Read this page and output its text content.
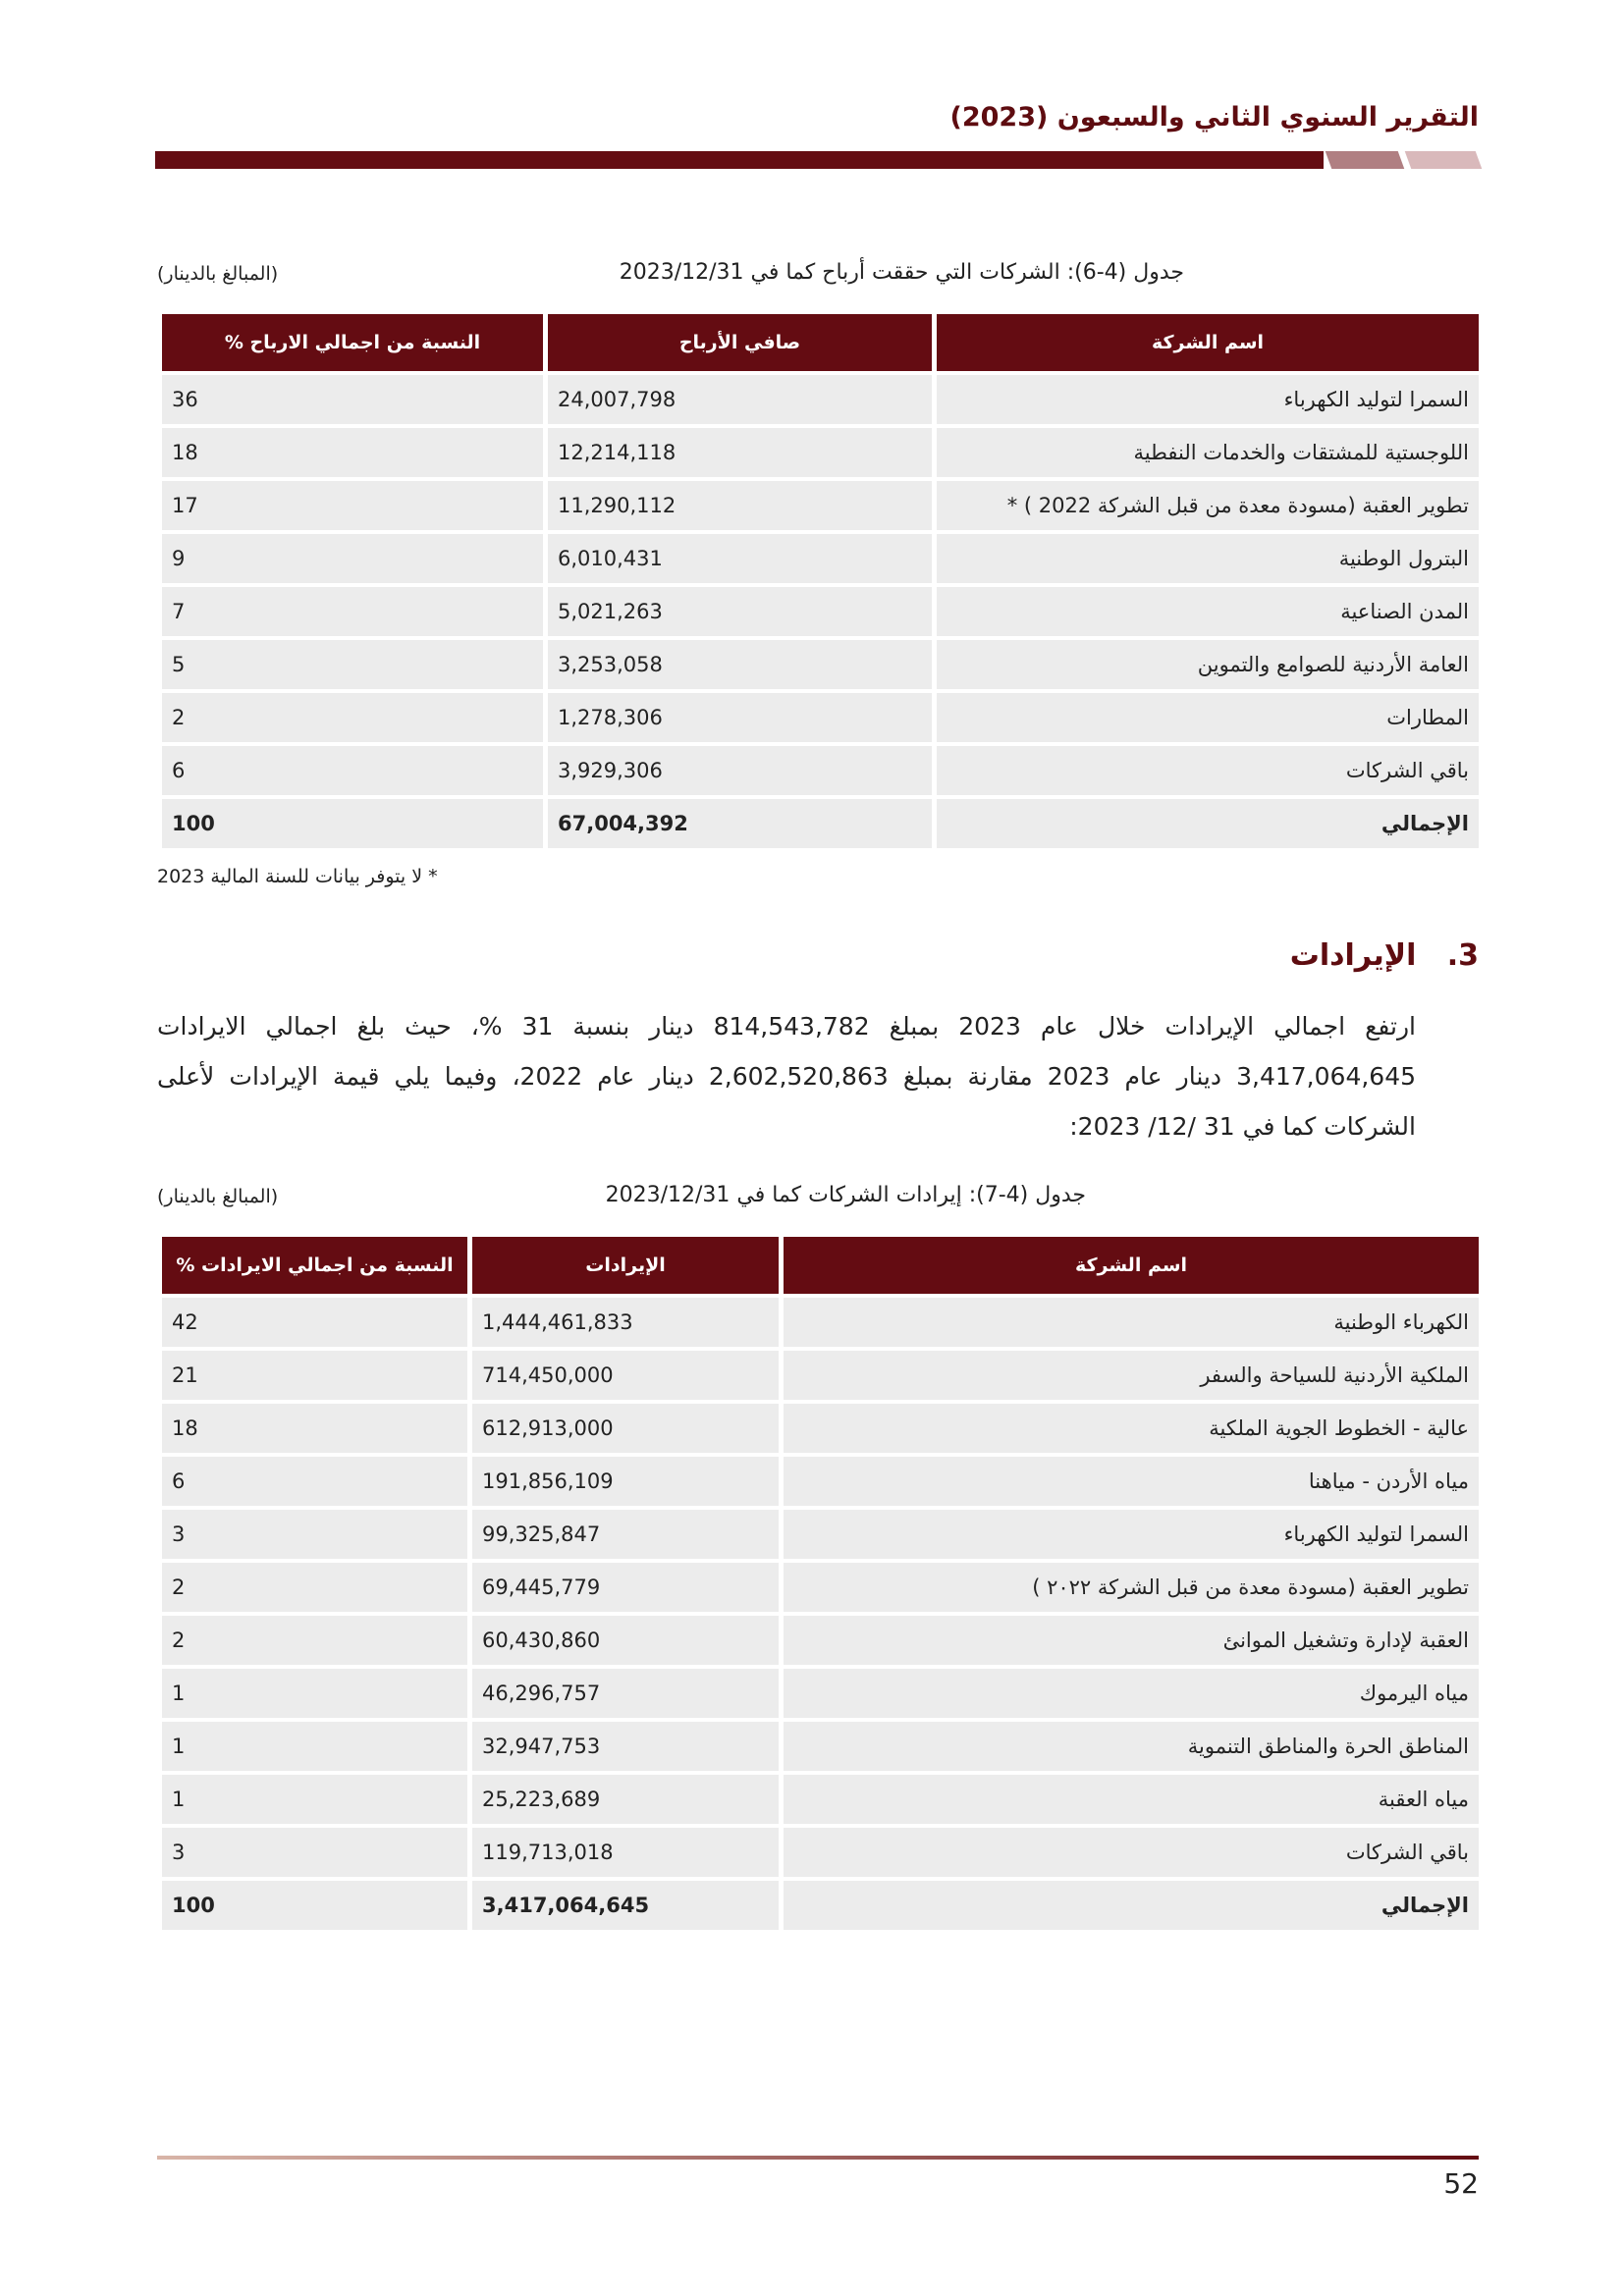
التقرير السنوي الثاني والسبعون (2023)
جدول (4-6): الشركات التي حققت أرباح كما في 2023/12/31
(المبالغ بالدينار)
اسم الشركة	صافي الأرباح	النسبة من اجمالي الارباح %
السمرا لتوليد الكهرباء	24,007,798	36
اللوجستية للمشتقات والخدمات النفطية	12,214,118	18
تطوير العقبة (مسودة معدة من قبل الشركة 2022 ) *	11,290,112	17
البترول الوطنية	6,010,431	9
المدن الصناعية	5,021,263	7
العامة الأردنية للصوامع والتموين	3,253,058	5
المطارات	1,278,306	2
باقي الشركات	3,929,306	6
الإجمالي	67,004,392	100
* لا يتوفر بيانات للسنة المالية 2023
3.   الإيرادات
ارتفع اجمالي الإيرادات خلال عام 2023 بمبلغ 814,543,782 دينار بنسبة 31 %، حيث بلغ اجمالي الايرادات 3,417,064,645 دينار عام 2023 مقارنة بمبلغ 2,602,520,863 دينار عام 2022، وفيما يلي قيمة الإيرادات لأعلى الشركات كما في 31 /12/ 2023:
جدول (4-7): إيرادات الشركات كما في 2023/12/31
(المبالغ بالدينار)
اسم الشركة	الإيرادات	النسبة من اجمالي الايرادات %
الكهرباء الوطنية	1,444,461,833	42
الملكية الأردنية للسياحة والسفر	714,450,000	21
عالية - الخطوط الجوية الملكية	612,913,000	18
مياه الأردن - مياهنا	191,856,109	6
السمرا لتوليد الكهرباء	99,325,847	3
تطوير العقبة (مسودة معدة من قبل الشركة ٢٠٢٢ )	69,445,779	2
العقبة لإدارة وتشغيل الموانئ	60,430,860	2
مياه اليرموك	46,296,757	1
المناطق الحرة والمناطق التنموية	32,947,753	1
مياه العقبة	25,223,689	1
باقي الشركات	119,713,018	3
الإجمالي	3,417,064,645	100
52
